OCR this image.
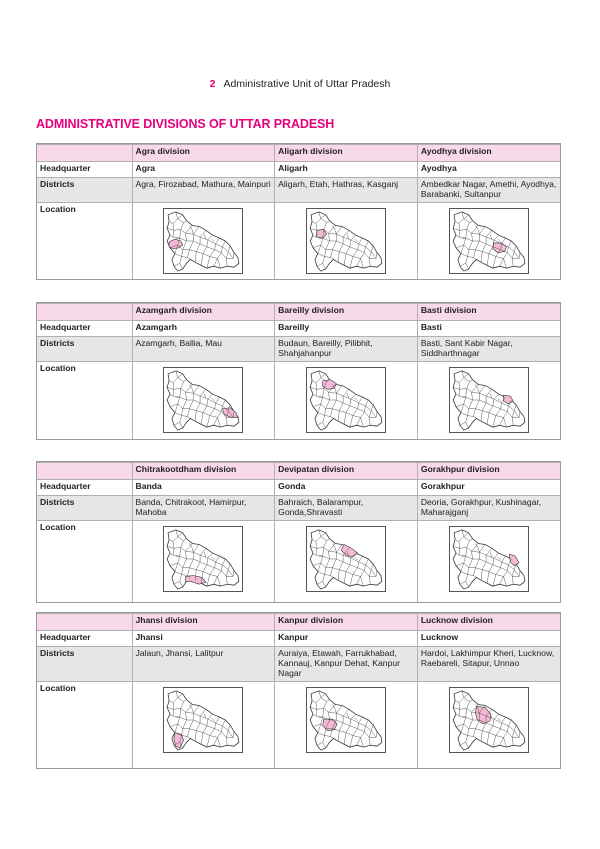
2 Administrative Unit of Uttar Pradesh
ADMINISTRATIVE DIVISIONS OF UTTAR PRADESH
	Agra division	Aligarh division	Ayodhya division
Headquarter	Agra	Aligarh	Ayodhya
Districts	Agra, Firozabad, Mathura, Mainpuri	Aligarh, Etah, Hathras, Kasganj	Ambedkar Nagar, Amethi, Ayodhya, Barabanki, Sultanpur
Location	

	Azamgarh division	Bareilly division	Basti division
Headquarter	Azamgarh	Bareilly	Basti
Districts	Azamgarh, Ballia, Mau	Budaun, Bareilly, Pilibhit, Shahjahanpur	Basti, Sant Kabir Nagar, Siddharthnagar
Location	

	Chitrakootdham division	Devipatan division	Gorakhpur division
Headquarter	Banda	Gonda	Gorakhpur
Districts	Banda, Chitrakoot, Hamirpur, Mahoba	Bahraich, Balarampur, Gonda,Shravasti	Deoria, Gorakhpur, Kushinagar, Maharajganj
Location	

	Jhansi division	Kanpur division	Lucknow division
Headquarter	Jhansi	Kanpur	Lucknow
Districts	Jalaun, Jhansi, Lalitpur	Auraiya, Etawah, Farrukhabad, Kannauj, Kanpur Dehat, Kanpur Nagar	Hardoi, Lakhimpur Kheri, Lucknow, Raebareli, Sitapur, Unnao
Location	
